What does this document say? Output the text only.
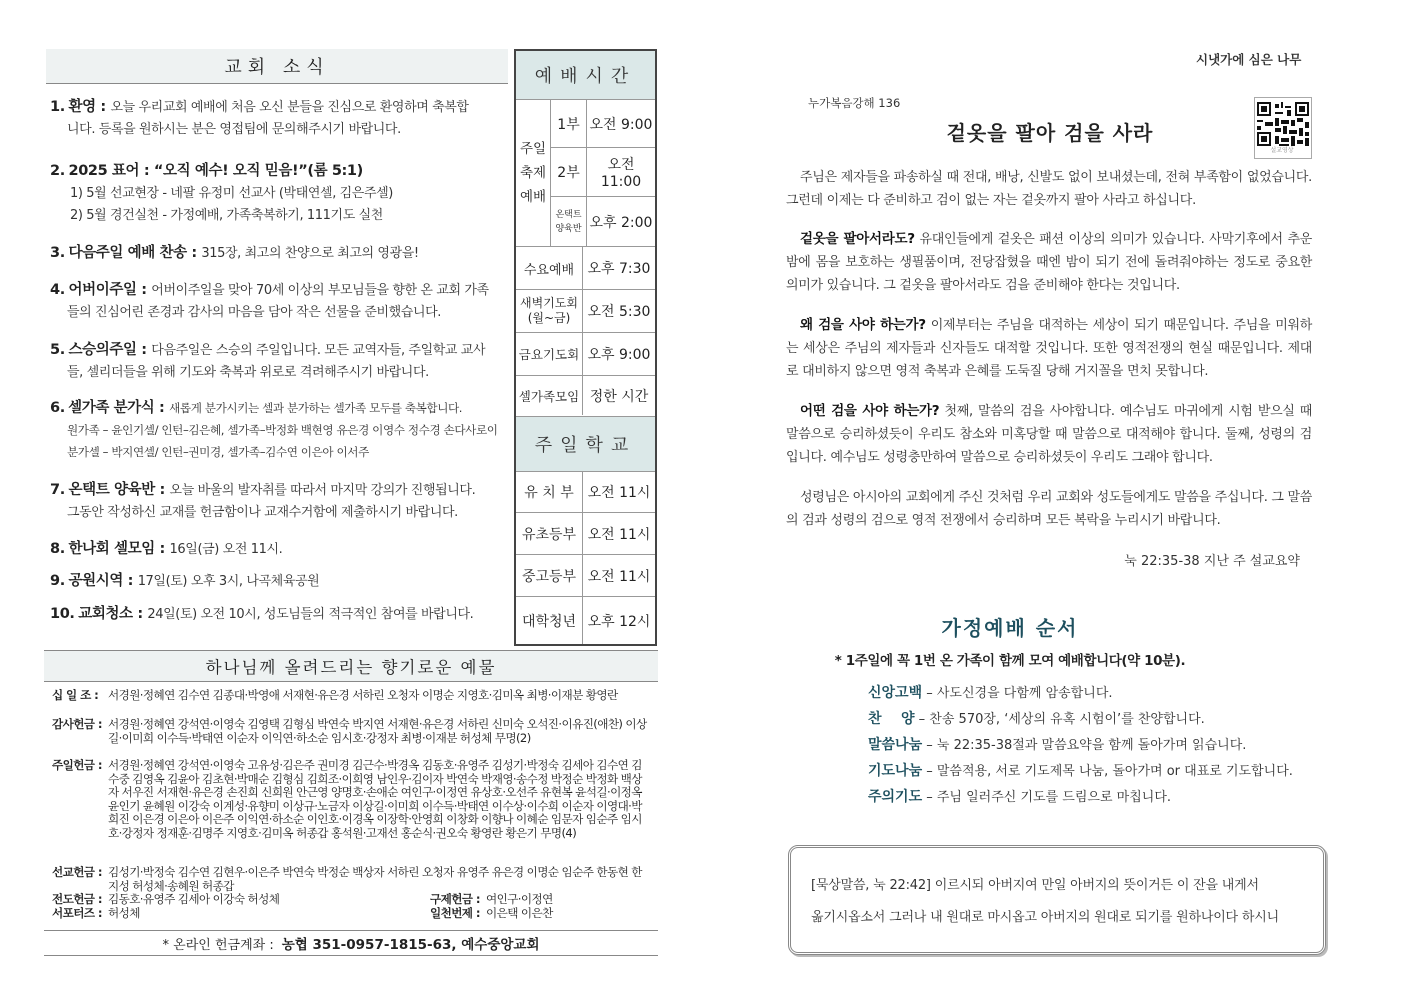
교회 소식
1. 환영 : 오늘 우리교회 예배에 처음 오신 분들을 진심으로 환영하며 축복합
니다. 등록을 원하시는 분은 영접팀에 문의해주시기 바랍니다.
2. 2025 표어 : “오직 예수! 오직 믿음!”(롬 5:1)
1) 5월 선교현장 - 네팔 유정미 선교사 (박태연셀, 김은주셀)
2) 5월 경건실천 - 가정예배, 가족축복하기, 111기도 실천
3. 다음주일 예배 찬송 : 315장, 최고의 찬양으로 최고의 영광을!
4. 어버이주일 : 어버이주일을 맞아 70세 이상의 부모님들을 향한 온 교회 가족
들의 진심어린 존경과 감사의 마음을 담아 작은 선물을 준비했습니다.
5. 스승의주일 : 다음주일은 스승의 주일입니다. 모든 교역자들, 주일학교 교사
들, 셀리더들을 위해 기도와 축복과 위로로 격려해주시기 바랍니다.
6. 셀가족 분가식 : 새롭게 분가시키는 셀과 분가하는 셀가족 모두를 축복합니다.
원가족 – 윤인기셀/ 인턴–김은혜, 셀가족–박정화 백현영 유은경 이영수 정수경 손다사로이
분가셀 – 박지연셀/ 인턴–권미경, 셀가족–김수연 이은아 이서주
7. 온택트 양육반 : 오늘 바울의 발자취를 따라서 마지막 강의가 진행됩니다.
그동안 작성하신 교재를 헌금함이나 교재수거함에 제출하시기 바랍니다.
8. 한나회 셀모임 : 16일(금) 오전 11시.
9. 공원시역 : 17일(토) 오후 3시, 나곡체육공원
10. 교회청소 : 24일(토) 오전 10시, 성도님들의 적극적인 참여를 바랍니다.
예배시간
주일 축제 예배
1부 오전 9:00
2부	오전 11:00
온택트 양육반 오후 2:00
수요예배 오후 7:30
새벽기도회 (월~금)	오전 5:30
금요기도회 오후 9:00
셀가족모임 정한 시간
주일학교
유 치 부 오전 11시
유초등부 오전 11시
중고등부 오전 11시
대학청년 오후 12시
하나님께 올려드리는 향기로운 예물
십 일 조 : 서경원·정혜연 김수연 김종대·박영애 서재현·유은경 서하린 오청자 이명순 지영호·김미옥 최병·이재분 황영란
감사헌금 : 서경원·정혜연 강석연·이영숙 김영택 김형심 박연숙 박지연 서재현·유은경 서하린 신미숙 오석진·이유진(애찬) 이상길·이미희 이수득·박태연 이순자 이익연·하소순 임시호·강정자 최병·이재분 허성체 무명(2)
주일헌금 : 서경원·정혜연 강석연·이영숙 고유성·김은주 권미경 김근수·박경옥 김동호·유영주 김성기·박정숙 김세아 김수연 김수중 김영옥 김윤아 김초현·박매순 김형심 김희조·이희영 남인우·김이자 박연숙 박재영·송수정 박정순 박정화 백상자 서우진 서재현·유은경 손진희 신희원 안근영 양명호·손애순 여인구·이정연 유상호·오선주 유현복 윤석길·이정옥 윤인기 윤혜원 이강숙 이계성·유향미 이상규·노금자 이상길·이미희 이수득·박태연 이수상·이수희 이순자 이영대·박희진 이은경 이은아 이은주 이익연·하소순 이인호·이경옥 이장학·안영희 이창화 이향나 이혜순 임문자 임순주 임시호·강정자 정재훈·김명주 지영호·김미옥 허종갑 홍석원·고재선 홍순식·권오숙 황영란 황은기 무명(4)
선교헌금 : 김성기·박정숙 김수연 김현우·이은주 박연숙 박정순 백상자 서하린 오청자 유영주 유은경 이명순 임순주 한동현 한지성 허성체·송혜원 허종갑
전도헌금 : 김동호·유영주 김세아 이강숙 허성체
서포터즈 : 허성체
구제헌금 : 여인구·이정연
일천번제 : 이은택 이은찬
* 온라인 헌금계좌 : 농협 351-0957-1815-63, 예수중앙교회
시냇가에 심은 나무
누가복음강해 136
겉옷을 팔아 검을 사라
설교영상
주님은 제자들을 파송하실 때 전대, 배낭, 신발도 없이 보내셨는데, 전혀 부족함이 없었습니다. 그런데 이제는 다 준비하고 검이 없는 자는 겉옷까지 팔아 사라고 하십니다.
겉옷을 팔아서라도? 유대인들에게 겉옷은 패션 이상의 의미가 있습니다. 사막기후에서 추운 밤에 몸을 보호하는 생필품이며, 전당잡혔을 때엔 밤이 되기 전에 돌려줘야하는 정도로 중요한 의미가 있습니다. 그 겉옷을 팔아서라도 검을 준비해야 한다는 것입니다.
왜 검을 사야 하는가? 이제부터는 주님을 대적하는 세상이 되기 때문입니다. 주님을 미워하는 세상은 주님의 제자들과 신자들도 대적할 것입니다. 또한 영적전쟁의 현실 때문입니다. 제대로 대비하지 않으면 영적 축복과 은혜를 도둑질 당해 거지꼴을 면치 못합니다.
어떤 검을 사야 하는가? 첫째, 말씀의 검을 사야합니다. 예수님도 마귀에게 시험 받으실 때 말씀으로 승리하셨듯이 우리도 참소와 미혹당할 때 말씀으로 대적해야 합니다. 둘째, 성령의 검입니다. 예수님도 성령충만하여 말씀으로 승리하셨듯이 우리도 그래야 합니다.
성령님은 아시아의 교회에게 주신 것처럼 우리 교회와 성도들에게도 말씀을 주십니다. 그 말씀의 검과 성령의 검으로 영적 전쟁에서 승리하며 모든 복락을 누리시기 바랍니다.
눅 22:35-38 지난 주 설교요약
가정예배 순서
* 1주일에 꼭 1번 온 가족이 함께 모여 예배합니다(약 10분).
신앙고백 – 사도신경을 다함께 암송합니다.
찬    양 – 찬송 570장, ‘세상의 유혹 시험이’를 찬양합니다.
말씀나눔 – 눅 22:35-38절과 말씀요약을 함께 돌아가며 읽습니다.
기도나눔 – 말씀적용, 서로 기도제목 나눔, 돌아가며 or 대표로 기도합니다.
주의기도 – 주님 일러주신 기도를 드림으로 마칩니다.
[묵상말씀, 눅 22:42] 이르시되 아버지여 만일 아버지의 뜻이거든 이 잔을 내게서
옮기시옵소서 그러나 내 원대로 마시옵고 아버지의 원대로 되기를 원하나이다 하시니
